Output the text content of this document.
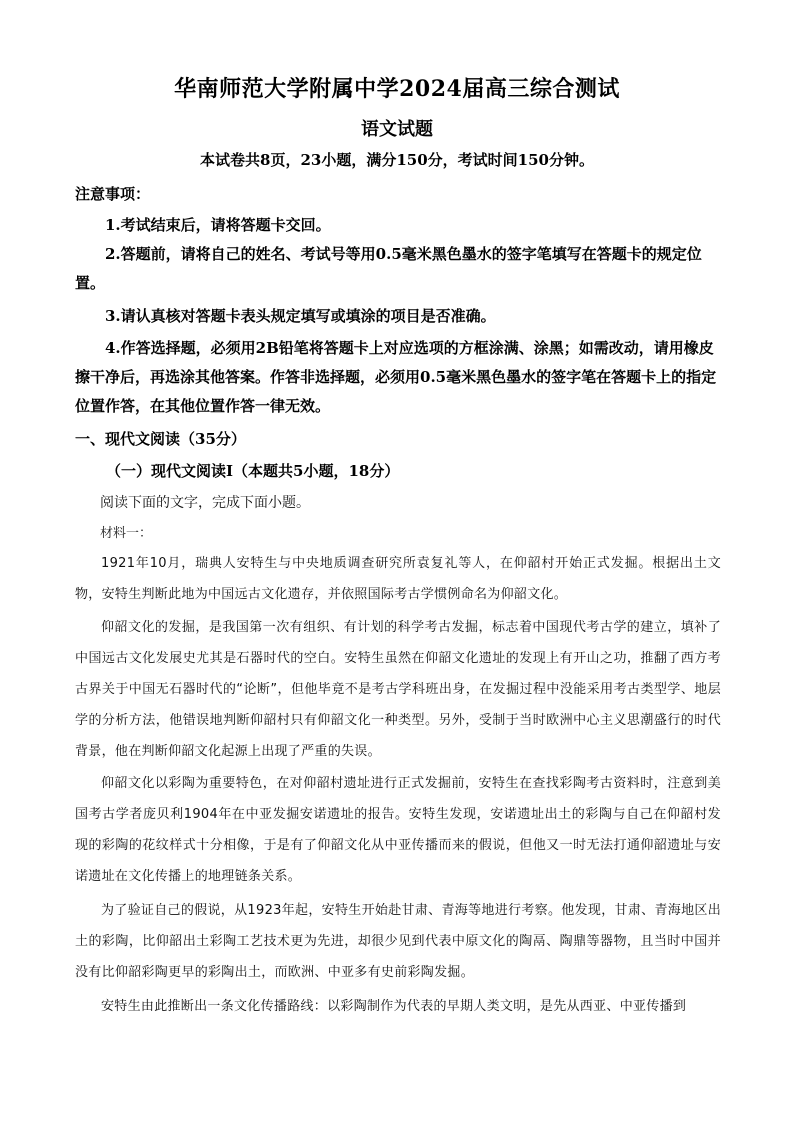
华南师范大学附属中学2024届高三综合测试
语文试题
本试卷共8页，23小题，满分150分，考试时间150分钟。
注意事项：
1.考试结束后，请将答题卡交回。
2.答题前，请将自己的姓名、考试号等用0.5毫米黑色墨水的签字笔填写在答题卡的规定位置。
3.请认真核对答题卡表头规定填写或填涂的项目是否准确。
4.作答选择题，必须用2B铅笔将答题卡上对应选项的方框涂满、涂黑；如需改动，请用橡皮擦干净后，再选涂其他答案。作答非选择题，必须用0.5毫米黑色墨水的签字笔在答题卡上的指定位置作答，在其他位置作答一律无效。
一、现代文阅读（35分）
（一）现代文阅读Ⅰ（本题共5小题，18分）
阅读下面的文字，完成下面小题。
材料一：
1921年10月，瑞典人安特生与中央地质调查研究所袁复礼等人，在仰韶村开始正式发掘。根据出土文物，安特生判断此地为中国远古文化遗存，并依照国际考古学惯例命名为仰韶文化。
仰韶文化的发掘，是我国第一次有组织、有计划的科学考古发掘，标志着中国现代考古学的建立，填补了中国远古文化发展史尤其是石器时代的空白。安特生虽然在仰韶文化遗址的发现上有开山之功，推翻了西方考古界关于中国无石器时代的“论断”，但他毕竟不是考古学科班出身，在发掘过程中没能采用考古类型学、地层学的分析方法，他错误地判断仰韶村只有仰韶文化一种类型。另外，受制于当时欧洲中心主义思潮盛行的时代背景，他在判断仰韶文化起源上出现了严重的失误。
仰韶文化以彩陶为重要特色，在对仰韶村遗址进行正式发掘前，安特生在查找彩陶考古资料时，注意到美国考古学者庞贝利1904年在中亚发掘安诺遗址的报告。安特生发现，安诺遗址出土的彩陶与自己在仰韶村发现的彩陶的花纹样式十分相像，于是有了仰韶文化从中亚传播而来的假说，但他又一时无法打通仰韶遗址与安诺遗址在文化传播上的地理链条关系。
为了验证自己的假说，从1923年起，安特生开始赴甘肃、青海等地进行考察。他发现，甘肃、青海地区出土的彩陶，比仰韶出土彩陶工艺技术更为先进，却很少见到代表中原文化的陶鬲、陶鼎等器物，且当时中国并没有比仰韶彩陶更早的彩陶出土，而欧洲、中亚多有史前彩陶发掘。
安特生由此推断出一条文化传播路线：以彩陶制作为代表的早期人类文明，是先从西亚、中亚传播到
